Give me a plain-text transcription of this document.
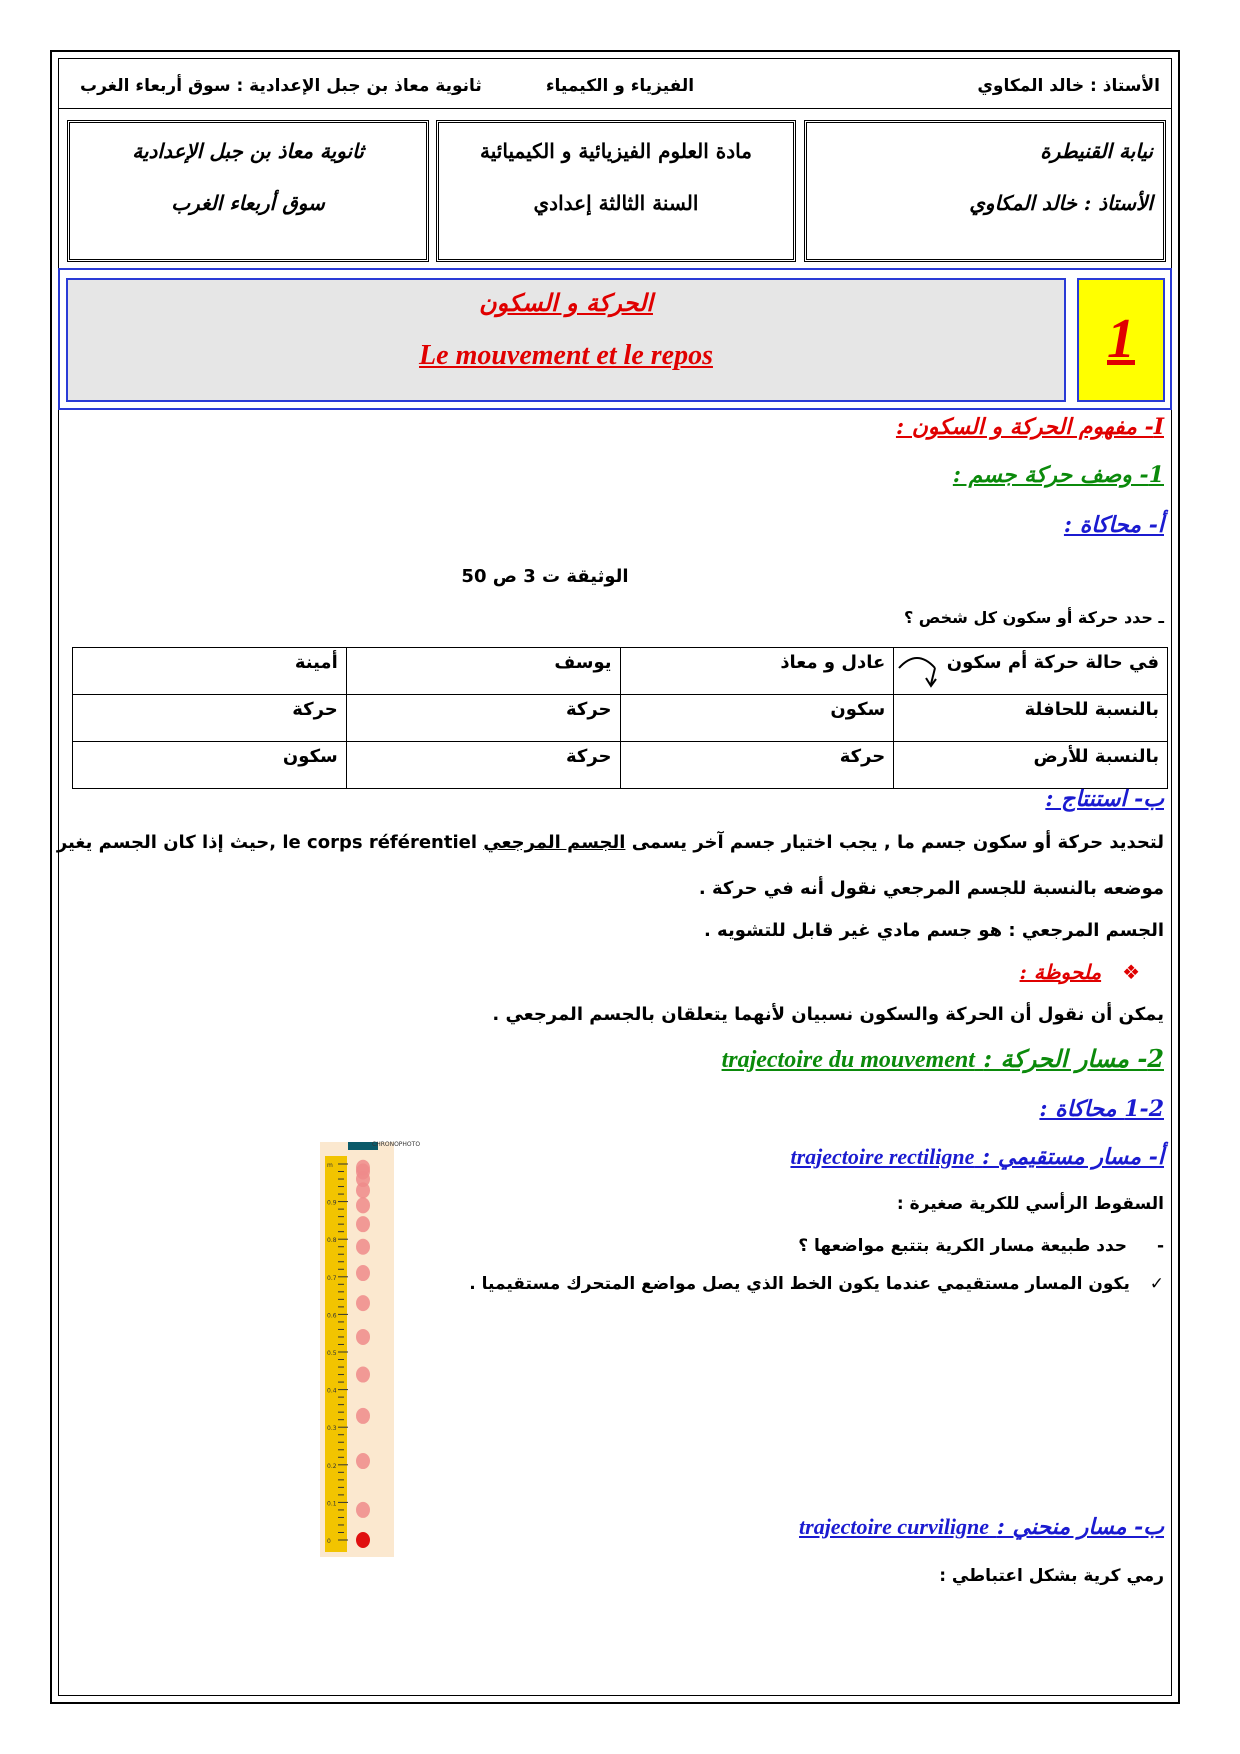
الأستاذ : خالد المكاوي
الفيزياء و الكيمياء
ثانوية معاذ بن جبل الإعدادية : سوق أربعاء الغرب
نيابة القنيطرة
الأستاذ : خالد المكاوي
مادة العلوم الفيزيائية و الكيميائية
السنة الثالثة إعدادي
ثانوية معاذ بن جبل الإعدادية
سوق أربعاء الغرب
الحركة و السكون
Le mouvement et le repos	1
I- مفهوم الحركة و السكون :
1- وصف حركة جسم :
أ- محاكاة :
الوثيقة ت 3 ص 50
ـ حدد حركة أو سكون كل شخص ؟
في حالة حركة أم سكون	عادل و معاذ	يوسف	أمينة
بالنسبة للحافلة	سكون	حركة	حركة
بالنسبة للأرض	حركة	حركة	سكون
ب- استنتاج :
لتحديد حركة أو سكون جسم ما , يجب اختيار جسم آخر يسمى الجسم المرجعي le corps référentiel ,حيث إذا كان الجسم يغير
موضعه بالنسبة للجسم المرجعي نقول أنه في حركة .
الجسم المرجعي : هو جسم مادي غير قابل للتشويه .
❖ ملحوظة :
يمكن أن نقول أن الحركة والسكون نسبيان لأنهما يتعلقان بالجسم المرجعي .
2- مسار الحركة : trajectoire du mouvement
1-2 محاكاة :
أ- مسار مستقيمي : trajectoire rectiligne
السقوط الرأسي للكرية صغيرة :
- حدد طبيعة مسار الكرية بتتبع مواضعها ؟
✓ يكون المسار مستقيمي عندما يكون الخط الذي يصل مواضع المتحرك مستقيميا .
CHRONOPHOTO
m
0.9
0.8
0.7
0.6
0.5
0.4
0.3
0.2
0.1
0
ب- مسار منحني : trajectoire curviligne
رمي كرية بشكل اعتباطي :
